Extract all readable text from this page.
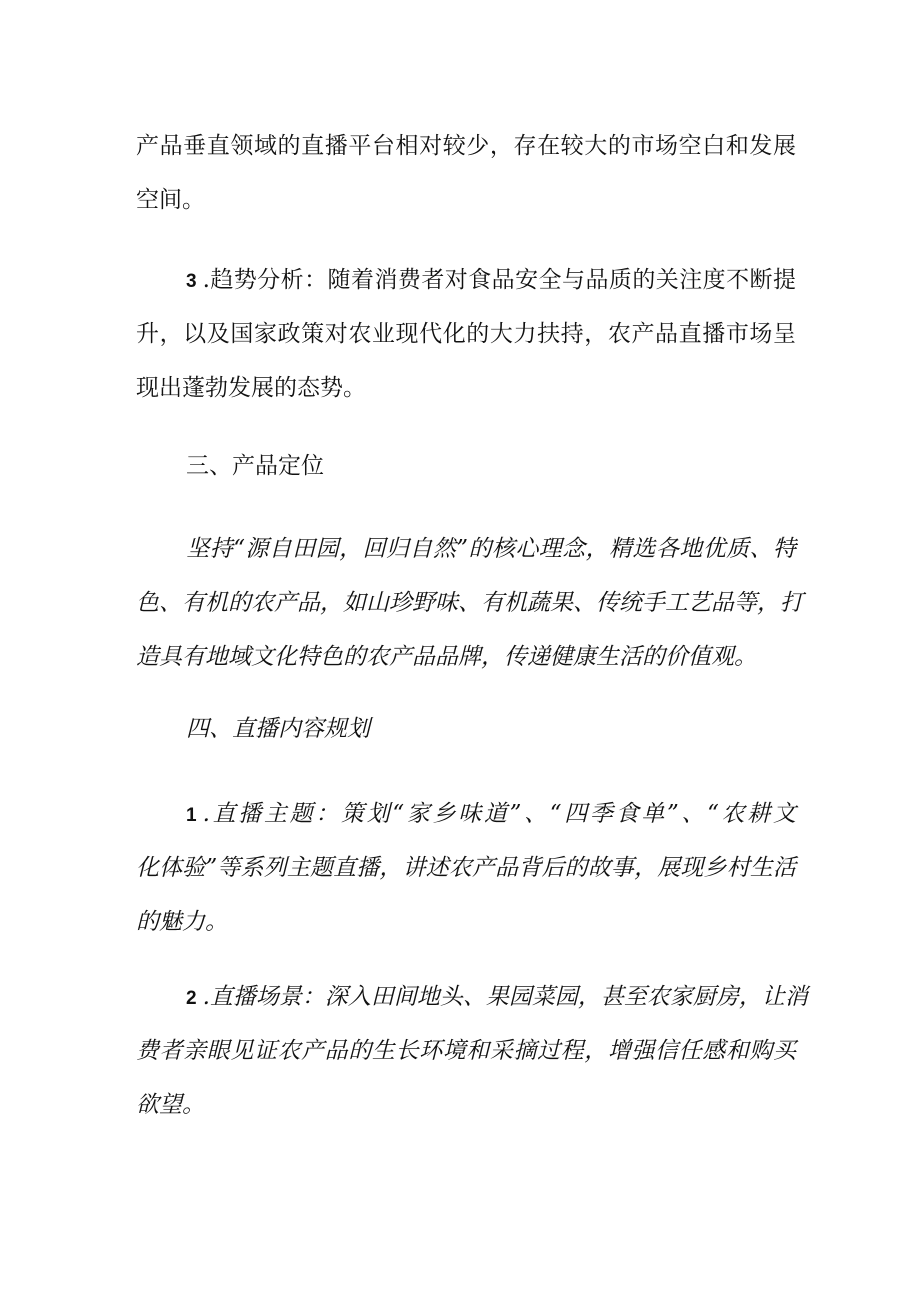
产品垂直领域的直播平台相对较少，存在较大的市场空白和发展
空间。
3 .趋势分析：随着消费者对食品安全与品质的关注度不断提
升，以及国家政策对农业现代化的大力扶持，农产品直播市场呈
现出蓬勃发展的态势。
三、产品定位
坚持“源自田园，回归自然”的核心理念，精选各地优质、特
色、有机的农产品，如山珍野味、有机蔬果、传统手工艺品等，打
造具有地域文化特色的农产品品牌，传递健康生活的价值观。
四、直播内容规划
1 .直播主题：策划“家乡味道”、“四季食单”、“农耕文
化体验”等系列主题直播，讲述农产品背后的故事，展现乡村生活
的魅力。
2 .直播场景：深入田间地头、果园菜园，甚至农家厨房，让消
费者亲眼见证农产品的生长环境和采摘过程，增强信任感和购买
欲望。
